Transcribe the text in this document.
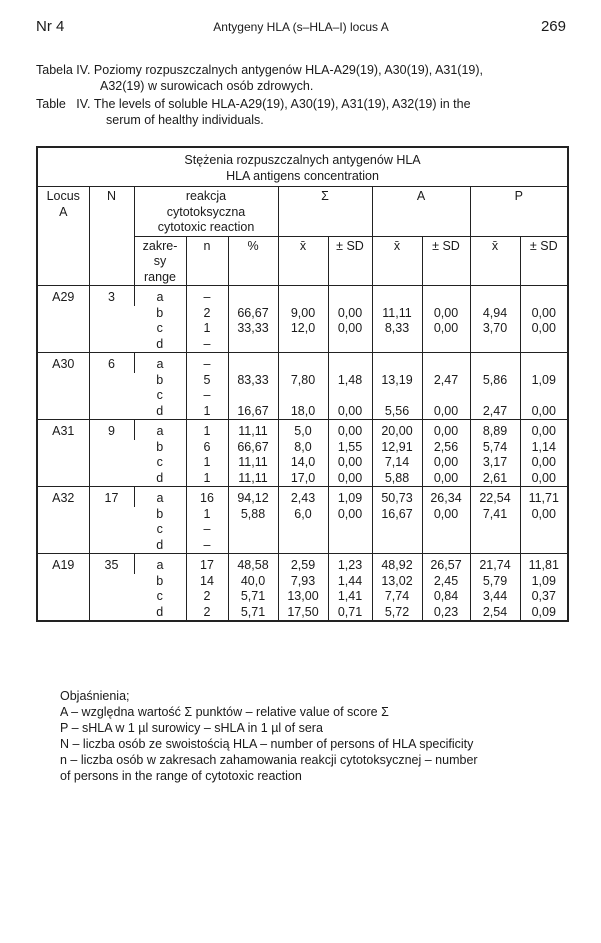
Nr 4	Antygeny HLA (s–HLA–I) locus A	269
Tabela IV. Poziomy rozpuszczalnych antygenów HLA-A29(19), A30(19), A31(19),
A32(19) w surowicach osób zdrowych.
Table   IV. The levels of soluble HLA-A29(19), A30(19), A31(19), A32(19) in the
serum of healthy individuals.
Stężenia rozpuszczalnych antygenów HLA
HLA antigens concentration										

Locus
A	N	reakcja
cytotoksyczna
cytotoxic reaction			Σ		A		P	

		zakre-
sy
range	n	%	x̄	± SD	x̄	± SD	x̄	± SD
A29	3	a	–							
		b	2	66,67	9,00	0,00	11,11	0,00	4,94	0,00
		c	1	33,33	12,0	0,00	8,33	0,00	3,70	0,00
		d	–							
A30	6	a	–							
		b	5	83,33	7,80	1,48	13,19	2,47	5,86	1,09
		c	–							
		d	1	16,67	18,0	0,00	5,56	0,00	2,47	0,00
A31	9	a	1	11,11	5,0	0,00	20,00	0,00	8,89	0,00
		b	6	66,67	8,0	1,55	12,91	2,56	5,74	1,14
		c	1	11,11	14,0	0,00	7,14	0,00	3,17	0,00
		d	1	11,11	17,0	0,00	5,88	0,00	2,61	0,00
A32	17	a	16	94,12	2,43	1,09	50,73	26,34	22,54	11,71
		b	1	5,88	6,0	0,00	16,67	0,00	7,41	0,00
		c	–							
		d	–							
A19	35	a	17	48,58	2,59	1,23	48,92	26,57	21,74	11,81
		b	14	40,0	7,93	1,44	13,02	2,45	5,79	1,09
		c	2	5,71	13,00	1,41	7,74	0,84	3,44	0,37
		d	2	5,71	17,50	0,71	5,72	0,23	2,54	0,09

Objaśnienia;

A – względna wartość Σ punktów – relative value of score Σ

P – sHLA w 1 µl surowicy – sHLA in 1 µl of sera

N – liczba osób ze swoistością HLA – number of persons of HLA specificity

n – liczba osób w zakresach zahamowania reakcji cytotoksycznej – number

of persons in the range of cytotoxic reaction
